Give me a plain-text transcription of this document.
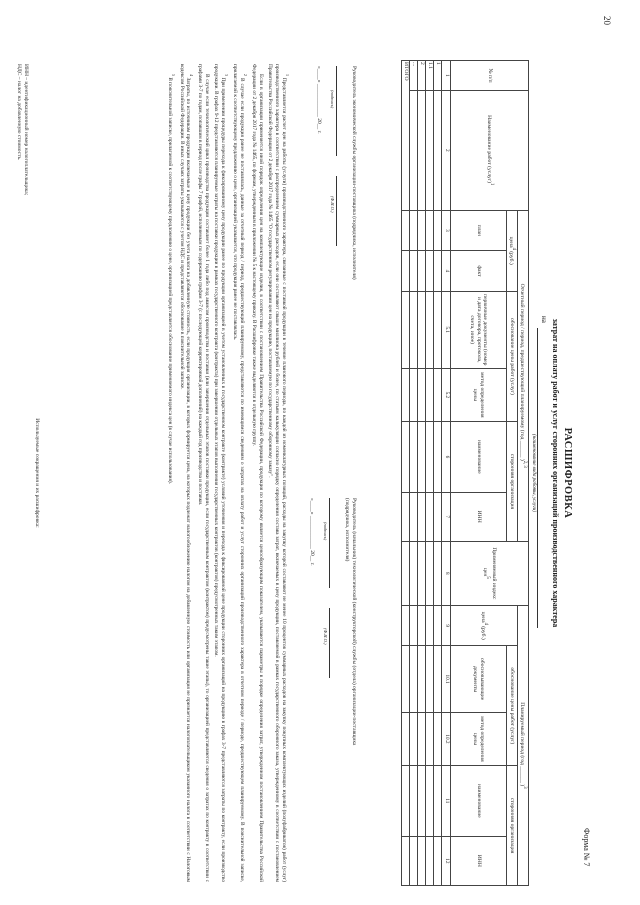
20
Форма № 7
РАСШИФРОВКА
затрат на оплату работ и услуг сторонних организаций производственного характера
на
(наименование вида работы, услуги)
№ п/п	Наименование работ (услуг)$^1$	Отчетный период / период, предшествующий планируемому (год ______ )$^{2, 3}$						Применяемый индекс цен$^5$	Планируемый период (год ______ )$^3$
		цена$^4$ (руб.)		обоснование цены работ (услуг)		сторонняя организация			цена$^4$ (руб.)	обоснование цены работ (услуг)		сторонняя организация	
		план	факт	первичные документы (номер и дата договора, протокола, счета, иное)	метод определения цены	наименование	ИНН			обосновывающие документы	метод определения цены	наименование	ИНН
1	2	3	4	5.1	5.2	6	7	8	9	10.1	10.2	11	12
1													
1.1													
2													
...													
ИТОГО													
Руководитель экономической службы организации-поставщика (подрядчика, исполнителя)
(подпись)
(Ф.И.О.)
«____» ____________ 20__ г.
Руководитель (начальник) технологической (конструкторской) службы (отдела) организации-поставщика (подрядчика, исполнителя)
(подпись)
(Ф.И.О.)
«____» ____________ 20__ г.

$^1$ Представляется расчет цен на работы (услуги) производственного характера, связанные с поставкой продукции в течение планового периода, по каждой из номенклатурных позиций, расходы на закупку которой составляют не менее 10 процентов суммарных расходов на закупку покупных комплектующих изделий (полуфабрикатов) работ (услуг) производственного характера в соответствии с распределением суммарных расходов, если они составляют свыше миллиона рублей и более, по статьям калькуляции согласно порядку определения состава затрат, включаемых в цену продукции, поставляемой в рамках государственного оборонного заказа, утвержденному в соответствии с постановлением Правительства Российской Федерации от 2 декабря 2017 года № 1465 "О государственном регулировании цен на продукцию, поставляемую по государственному оборонному заказу".

Если в организации применяется иной порядок определения цен на комплектующие изделия, в соответствии с постановлением Правительства Российской Федерации, продукция по которому является ценообразующим показателем, указываются параметры в порядке определения затрат, утвержденном постановлением Правительства Российской Федерации от 2 декабря 2017 года № 1465, по формам, утвержденным в приложении № 5 к настоящему приказу. В Расшифровке также выделяются в отдельную группу.

$^2$ В случае если продукция ранее не поставлялась, данные за отчетный период / период, предшествующий планируемому, представляются по имеющимся сведениям о затратах на оплату работ и услуг сторонних организаций производственного характера в отчетном периоде / периоде, предшествующем планируемому. В пояснительной записке, прилагаемой к соответствующему предложению о цене, организацией указывается, что продукция ранее не поставлялась.

$^3$ При применении процедуры перехода к фиксированному цену продукции ранее по продукции организацией в учетом установленных в государственном контракте (контракте) условий уточнения и перехода к фиксированной цене продукции сторонних организаций на продукцию в графах 3-7 представляются затраты по контракту, если производство продукции. В графах 9-12 представляются планируемые затраты на поставки продукции в рамках государственного контракта (контракта) при завершении отдельных этапов выполнения государственных контрактов (контрактов) предусмотренных таким этапом.

В случае если технологический цикл производства продукции составляет более 1 года либо под авансом производства и поставки (или завершения отдельных этапов поставки продукции, если государственным контрактом (контрактом) предусмотрены такие этапы), то организацией представляются сведения о затратах по контракту в соответствии с графами 3-7 по годам, попавшим в период после графы 7 графой, исполняемым по содержанию графам 3-7 (с последующей корректировкой дополнений) на каждый год производства и поставки.

$^4$ Затраты, по источникам продукции включаемые в цену продукции без учета налога на добавленную стоимость, если продукция организации, в которых формируется цена, на которых подлежат налогообложению налогом на добавленную стоимость или организация не признается налогоплательщиком указанного налога в соответствии с Налоговым кодексом Российской Федерации. В иных случаях затраты указываются с учетом НДС и представляются обоснование в пояснительной записке.

$^5$ В пояснительной записке, прилагаемой к соответствующему предложению о цене, организацией представляется обоснование применяемого индекса цен (в случае использования).

Используемые сокращения и их расшифровка:
ИНН – идентификационный номер налогоплательщика;
НДС – налог на добавленную стоимость.
